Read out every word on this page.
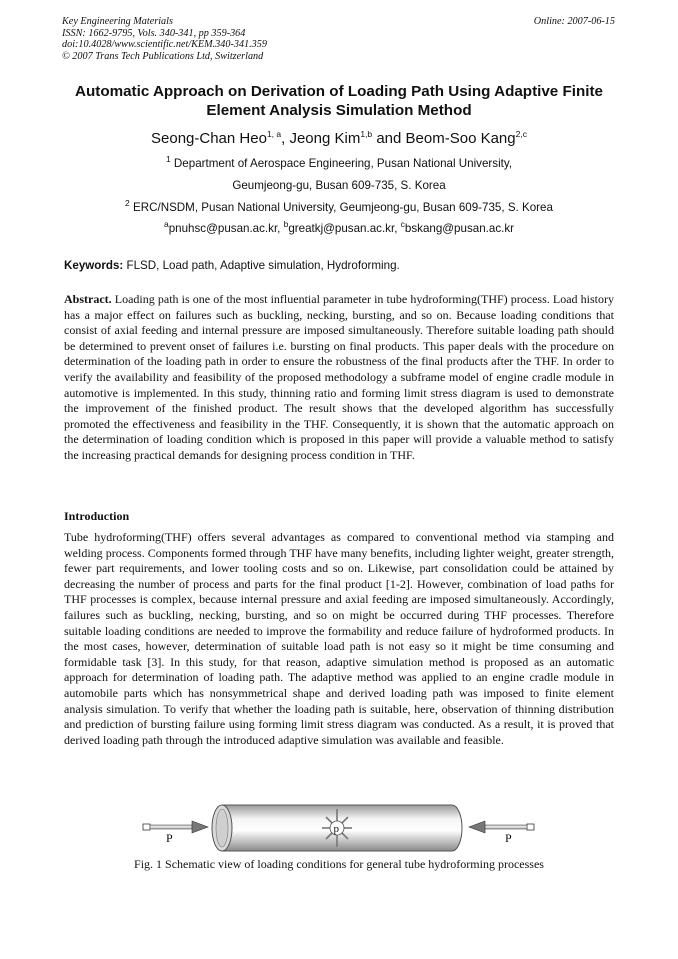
Key Engineering Materials
ISSN: 1662-9795, Vols. 340-341, pp 359-364
doi:10.4028/www.scientific.net/KEM.340-341.359
© 2007 Trans Tech Publications Ltd, Switzerland
Online: 2007-06-15
Automatic Approach on Derivation of Loading Path Using Adaptive Finite
Element Analysis Simulation Method
Seong-Chan Heo$^{1, a}$, Jeong Kim$^{1,b}$ and Beom-Soo Kang$^{2,c}$
$^1$ Department of Aerospace Engineering, Pusan National University,
Geumjeong-gu, Busan 609-735, S. Korea
$^2$ ERC/NSDM, Pusan National University, Geumjeong-gu, Busan 609-735, S. Korea
$^a$pnuhsc@pusan.ac.kr, $^b$greatkj@pusan.ac.kr, $^c$bskang@pusan.ac.kr
Keywords: FLSD, Load path, Adaptive simulation, Hydroforming.
Abstract. Loading path is one of the most influential parameter in tube hydroforming(THF) process. Load history has a major effect on failures such as buckling, necking, bursting, and so on. Because loading conditions that consist of axial feeding and internal pressure are imposed simultaneously. Therefore suitable loading path should be determined to prevent onset of failures i.e. bursting on final products. This paper deals with the procedure on determination of the loading path in order to ensure the robustness of the final products after the THF. In order to verify the availability and feasibility of the proposed methodology a subframe model of engine cradle module in automotive is implemented. In this study, thinning ratio and forming limit stress diagram is used to demonstrate the improvement of the finished product. The result shows that the developed algorithm has successfully promoted the effectiveness and feasibility in the THF. Consequently, it is shown that the automatic approach on the determination of loading condition which is proposed in this paper will provide a valuable method to satisfy the increasing practical demands for designing process condition in THF.
Introduction
Tube hydroforming(THF) offers several advantages as compared to conventional method via stamping and welding process. Components formed through THF have many benefits, including lighter weight, greater strength, fewer part requirements, and lower tooling costs and so on. Likewise, part consolidation could be attained by decreasing the number of process and parts for the final product [1-2]. However, combination of load paths for THF processes is complex, because internal pressure and axial feeding are imposed simultaneously. Accordingly, failures such as buckling, necking, bursting, and so on might be occurred during THF processes. Therefore suitable loading conditions are needed to improve the formability and reduce failure of hydroformed products. In the most cases, however, determination of suitable load path is not easy so it might be time consuming and formidable task [3]. In this study, for that reason, adaptive simulation method is proposed as an automatic approach for determination of loading path. The adaptive method was applied to an engine cradle module in automobile parts which has nonsymmetrical shape and derived loading path was imposed to finite element analysis simulation. To verify that whether the loading path is suitable, here, observation of thinning distribution and prediction of bursting failure using forming limit stress diagram was conducted. As a result, it is proved that derived loading path through the introduced adaptive simulation was available and feasible.
P	P
p
Fig. 1 Schematic view of loading conditions for general tube hydroforming processes
